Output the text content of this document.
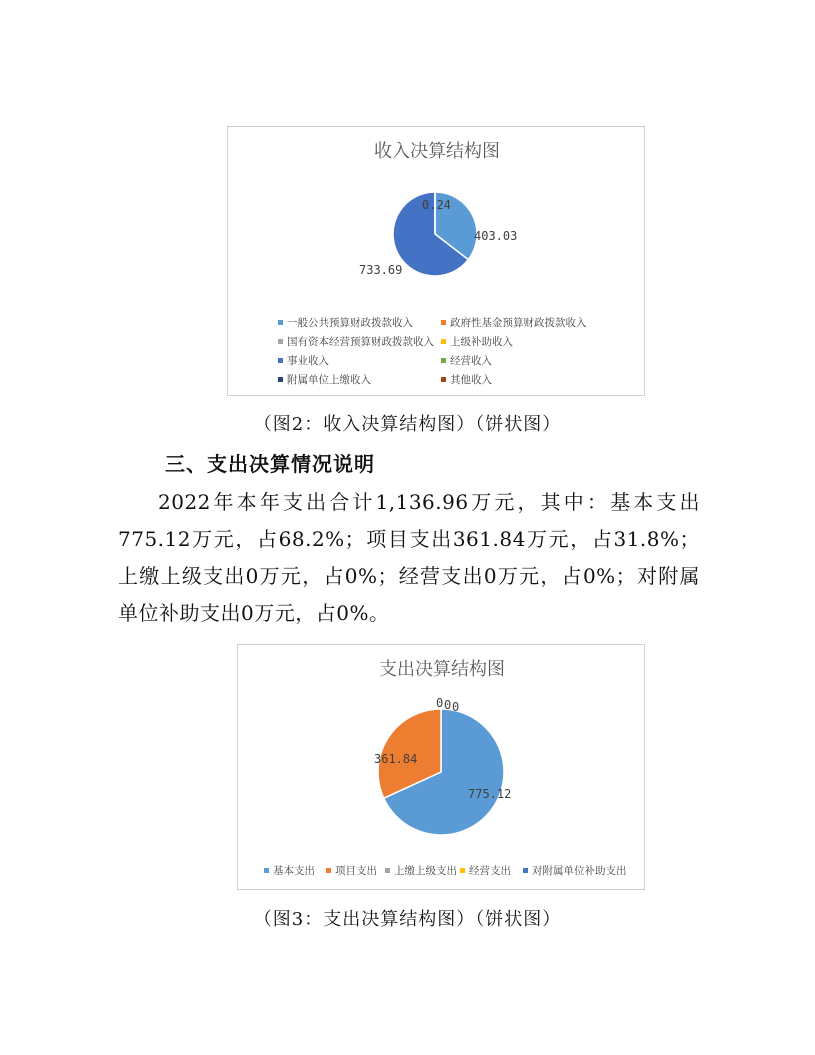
收入决算结构图
733.69
0.24
403.03
一般公共预算财政拨款收入	政府性基金预算财政拨款收入
国有资本经营预算财政拨款收入 上级补助收入
事业收入	经营收入
附属单位上缴收入	其他收入
（图2：收入决算结构图）（饼状图）
三、支出决算情况说明
2022年本年支出合计1,136.96万元，其中：基本支出775.12万元，占68.2%；项目支出361.84万元，占31.8%；上缴上级支出0万元，占0%；经营支出0万元，占0%；对附属单位补助支出0万元，占0%。
支出决算结构图
775.12
361.84
0 0 0
基本支出 项目支出 上缴上级支出 经营支出 对附属单位补助支出
（图3：支出决算结构图）（饼状图）
